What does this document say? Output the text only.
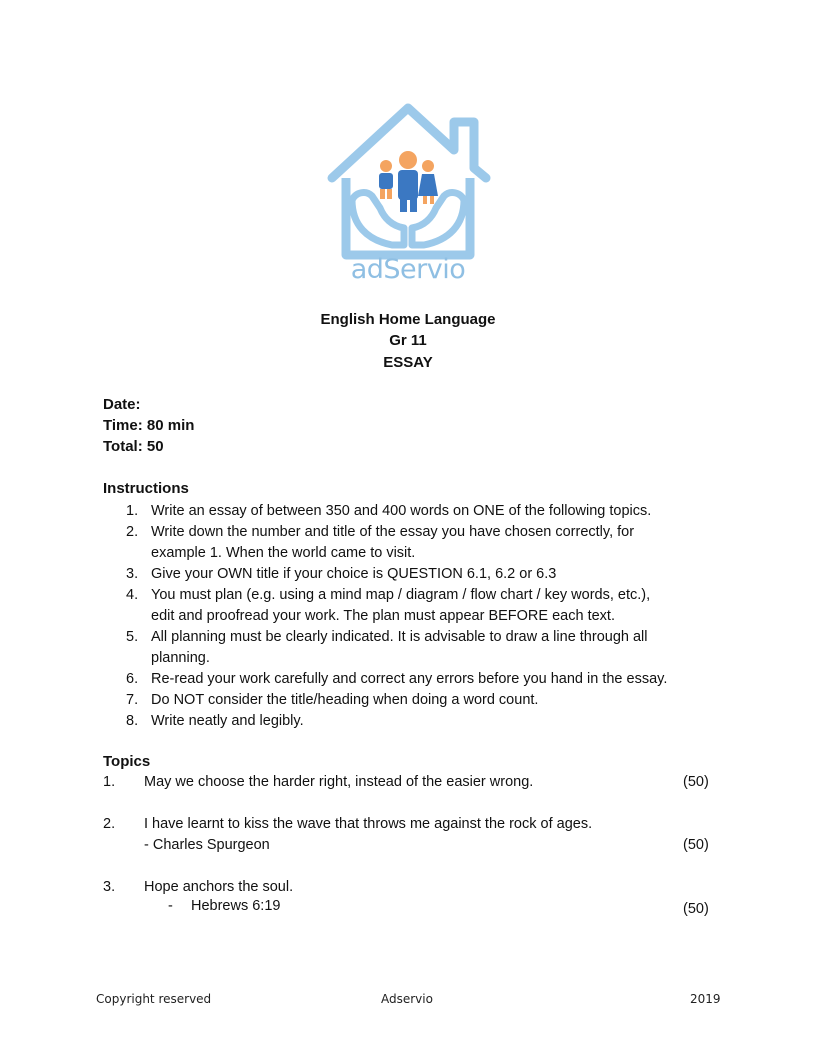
adServio
English Home Language
Gr 11
ESSAY
Date:
Time: 80 min
Total: 50
Instructions
1. Write an essay of between 350 and 400 words on ONE of the following topics.
2. Write down the number and title of the essay you have chosen correctly, for
example 1. When the world came to visit.
3. Give your OWN title if your choice is QUESTION 6.1, 6.2 or 6.3
4. You must plan (e.g. using a mind map / diagram / flow chart / key words, etc.),
edit and proofread your work. The plan must appear BEFORE each text.
5. All planning must be clearly indicated. It is advisable to draw a line through all
planning.
6. Re-read your work carefully and correct any errors before you hand in the essay.
7. Do NOT consider the title/heading when doing a word count.
8. Write neatly and legibly.
Topics
1. May we choose the harder right, instead of the easier wrong.	(50)
2. I have learnt to kiss the wave that throws me against the rock of ages.
- Charles Spurgeon	(50)
3. Hope anchors the soul.
- Hebrews 6:19	(50)
Copyright reserved	Adservio	2019
